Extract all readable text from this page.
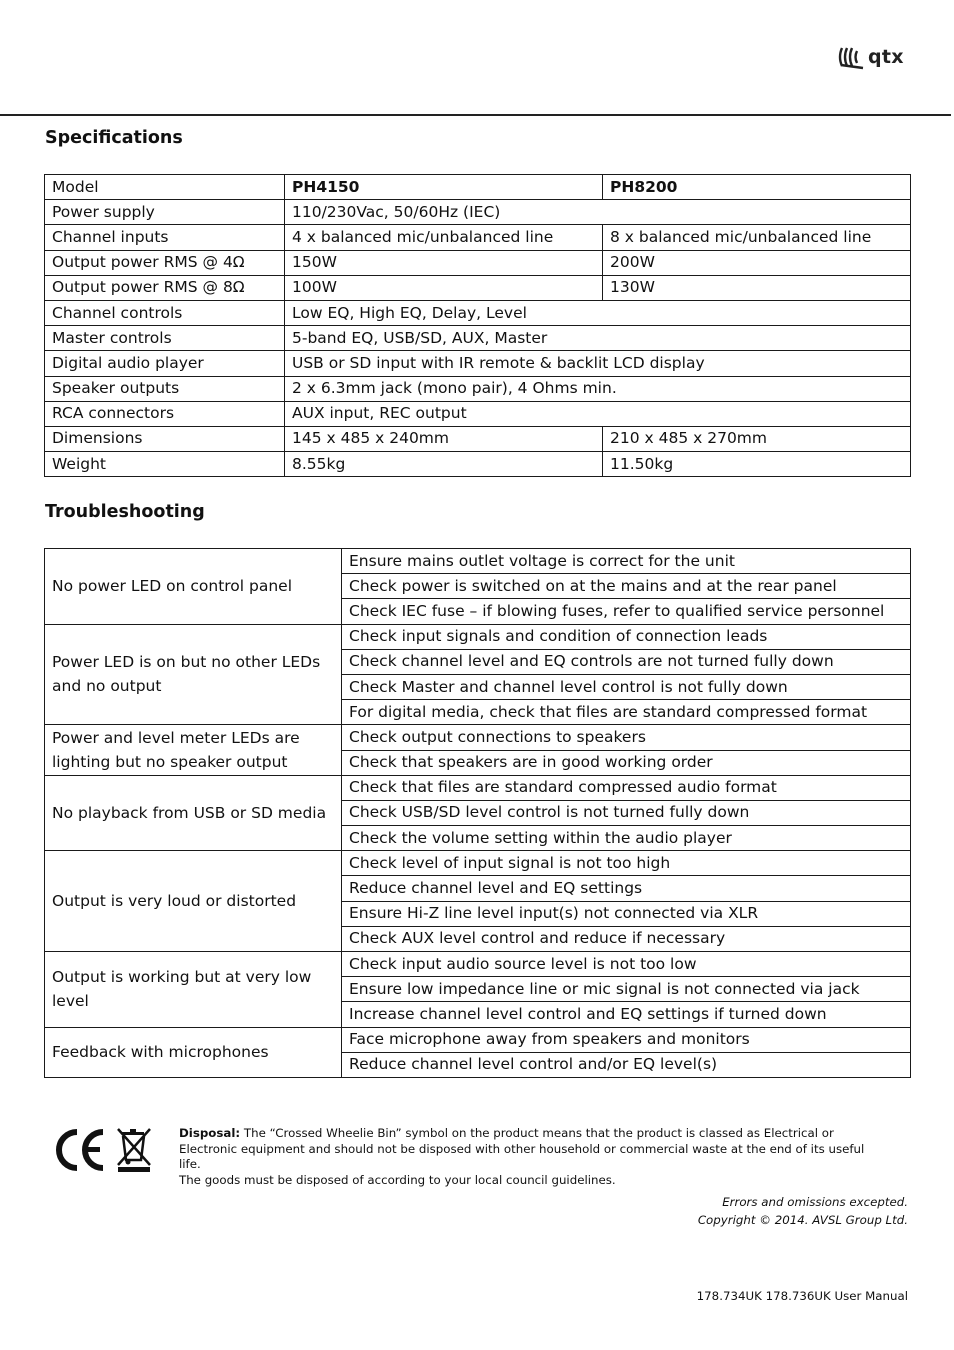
qtx
Specifications
Model	PH4150	PH8200
Power supply	110/230Vac, 50/60Hz (IEC)	
Channel inputs	4 x balanced mic/unbalanced line	8 x balanced mic/unbalanced line
Output power RMS @ 4Ω	150W	200W
Output power RMS @ 8Ω	100W	130W
Channel controls	Low EQ, High EQ, Delay, Level	
Master controls	5-band EQ, USB/SD, AUX, Master	
Digital audio player	USB or SD input with IR remote & backlit LCD display	
Speaker outputs	2 x 6.3mm jack (mono pair), 4 Ohms min.	
RCA connectors	AUX input, REC output	
Dimensions	145 x 485 x 240mm	210 x 485 x 270mm
Weight	8.55kg	11.50kg
Troubleshooting
No power LED on control panel	Ensure mains outlet voltage is correct for the unit
	Check power is switched on at the mains and at the rear panel
	Check IEC fuse – if blowing fuses, refer to qualified service personnel
Power LED is on but no other LEDs and no output	Check input signals and condition of connection leads
	Check channel level and EQ controls are not turned fully down
	Check Master and channel level control is not fully down
	For digital media, check that files are standard compressed format
Power and level meter LEDs are lighting but no speaker output	Check output connections to speakers
	Check that speakers are in good working order
No playback from USB or SD media	Check that files are standard compressed audio format
	Check USB/SD level control is not turned fully down
	Check the volume setting within the audio player
Output is very loud or distorted	Check level of input signal is not too high
	Reduce channel level and EQ settings
	Ensure Hi-Z line level input(s) not connected via XLR
	Check AUX level control and reduce if necessary
Output is working but at very low level	Check input audio source level is not too low
	Ensure low impedance line or mic signal is not connected via jack
	Increase channel level control and EQ settings if turned down
Feedback with microphones	Face microphone away from speakers and monitors
	Reduce channel level control and/or EQ level(s)
Disposal: The “Crossed Wheelie Bin” symbol on the product means that the product is classed as Electrical or
Electronic equipment and should not be disposed with other household or commercial waste at the end of its useful life.
The goods must be disposed of according to your local council guidelines.
Errors and omissions excepted.
Copyright © 2014. AVSL Group Ltd.
178.734UK 178.736UK User Manual
